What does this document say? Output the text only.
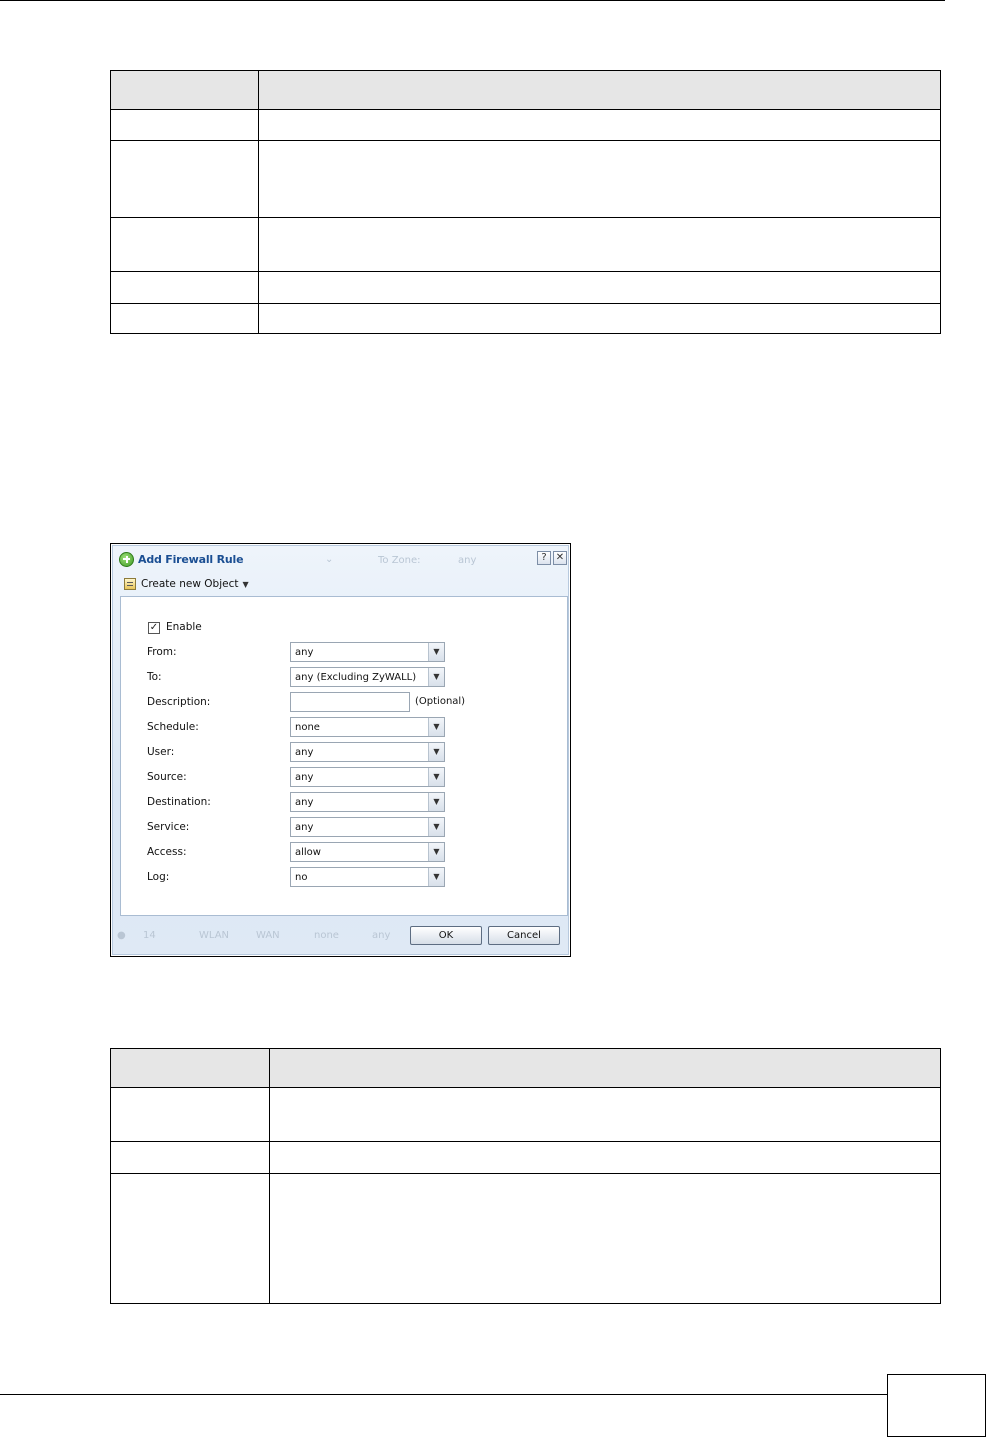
⌄	To Zone:	any
Add Firewall Rule	? ✕
Create new Object ▼
✓ Enable
From:	any	▼
To:	any (Excluding ZyWALL)	▼
Description:	(Optional)
Schedule:	none	▼
User:	any	▼
Source:	any	▼
Destination:	any	▼
Service:	any	▼
Access:	allow	▼
Log:	no	▼
● 14	WLAN	WAN	none	any	OK	Cancel
